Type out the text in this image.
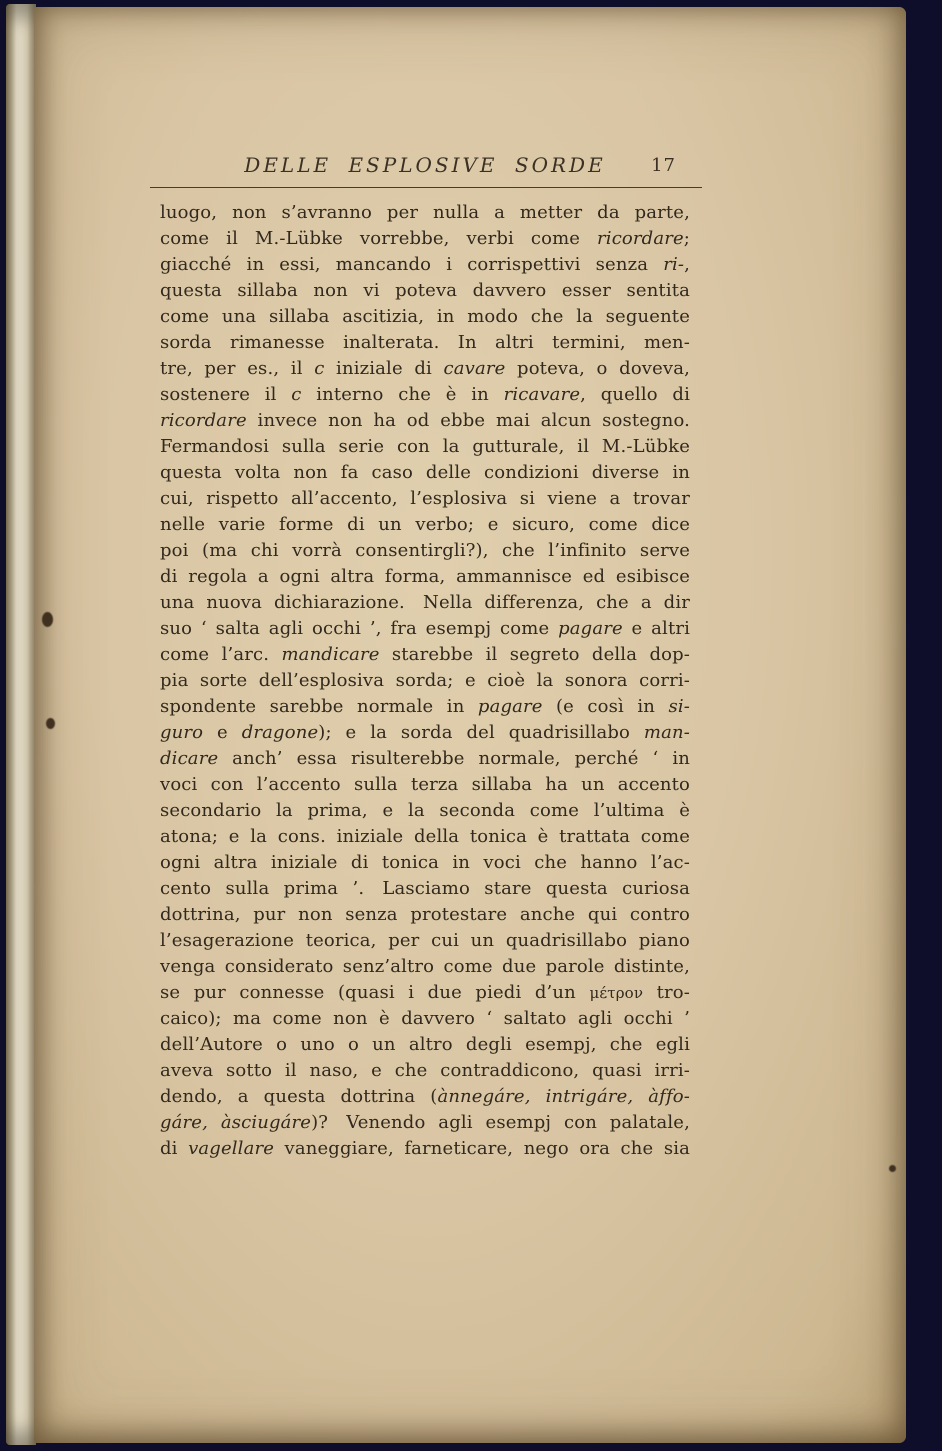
DELLE ESPLOSIVE SORDE	17
luogo, non s’avranno per nulla a metter da parte,
come il M.-Lübke vorrebbe, verbi come ricordare;
giacché in essi, mancando i corrispettivi senza ri-,
questa sillaba non vi poteva davvero esser sentita
come una sillaba ascitizia, in modo che la seguente
sorda rimanesse inalterata. In altri termini, men-
tre, per es., il c iniziale di cavare poteva, o doveva,
sostenere il c interno che è in ricavare, quello di
ricordare invece non ha od ebbe mai alcun sostegno.
Fermandosi sulla serie con la gutturale, il M.-Lübke
questa volta non fa caso delle condizioni diverse in
cui, rispetto all’accento, l’esplosiva si viene a trovar
nelle varie forme di un verbo; e sicuro, come dice
poi (ma chi vorrà consentirgli?), che l’infinito serve
di regola a ogni altra forma, ammannisce ed esibisce
una nuova dichiarazione. Nella differenza, che a dir
suo ‘ salta agli occhi ’, fra esempj come pagare e altri
come l’arc. mandicare starebbe il segreto della dop-
pia sorte dell’esplosiva sorda; e cioè la sonora corri-
spondente sarebbe normale in pagare (e così in si-
guro e dragone); e la sorda del quadrisillabo man-
dicare anch’ essa risulterebbe normale, perché ‘ in
voci con l’accento sulla terza sillaba ha un accento
secondario la prima, e la seconda come l’ultima è
atona; e la cons. iniziale della tonica è trattata come
ogni altra iniziale di tonica in voci che hanno l’ac-
cento sulla prima ’. Lasciamo stare questa curiosa
dottrina, pur non senza protestare anche qui contro
l’esagerazione teorica, per cui un quadrisillabo piano
venga considerato senz’altro come due parole distinte,
se pur connesse (quasi i due piedi d’un μέτρον tro-
caico); ma come non è davvero ‘ saltato agli occhi ’
dell’Autore o uno o un altro degli esempj, che egli
aveva sotto il naso, e che contraddicono, quasi irri-
dendo, a questa dottrina (ànnegáre, intrigáre, àffo-
gáre, àsciugáre)? Venendo agli esempj con palatale,
di vagellare vaneggiare, farneticare, nego ora che sia
